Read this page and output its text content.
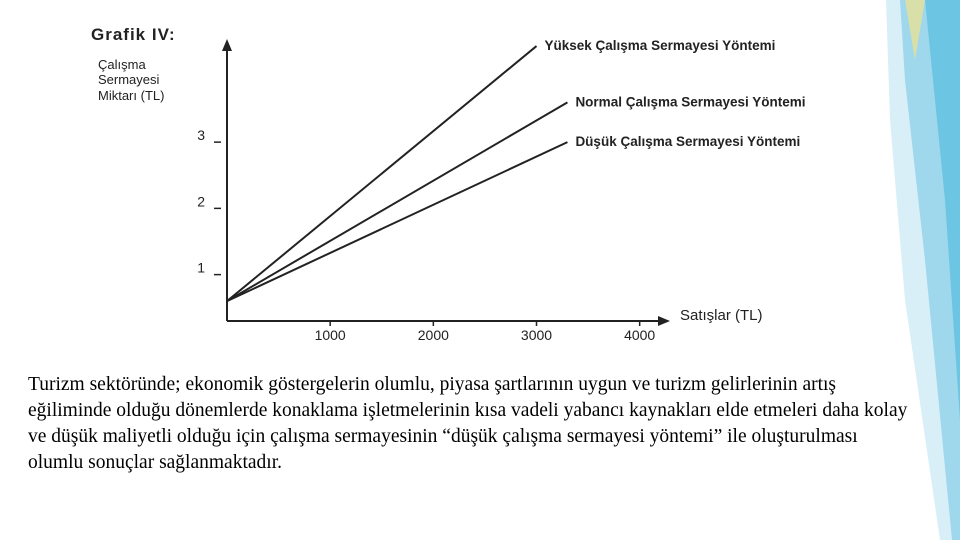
Grafik IV:
Çalışma Sermayesi Miktarı (TL)
Satışlar (TL)
1000	2000	3000	4000
1
2
3
Yüksek Çalışma Sermayesi Yöntemi
Normal Çalışma Sermayesi Yöntemi
Düşük Çalışma Sermayesi Yöntemi
Turizm sektöründe; ekonomik göstergelerin olumlu, piyasa şartlarının uygun ve turizm gelirlerinin artış eğiliminde olduğu dönemlerde konaklama işletmelerinin kısa vadeli yabancı kaynakları elde etmeleri daha kolay ve düşük maliyetli olduğu için çalışma sermayesinin “düşük çalışma sermayesi yöntemi” ile oluşturulması olumlu sonuçlar sağlanmaktadır.
